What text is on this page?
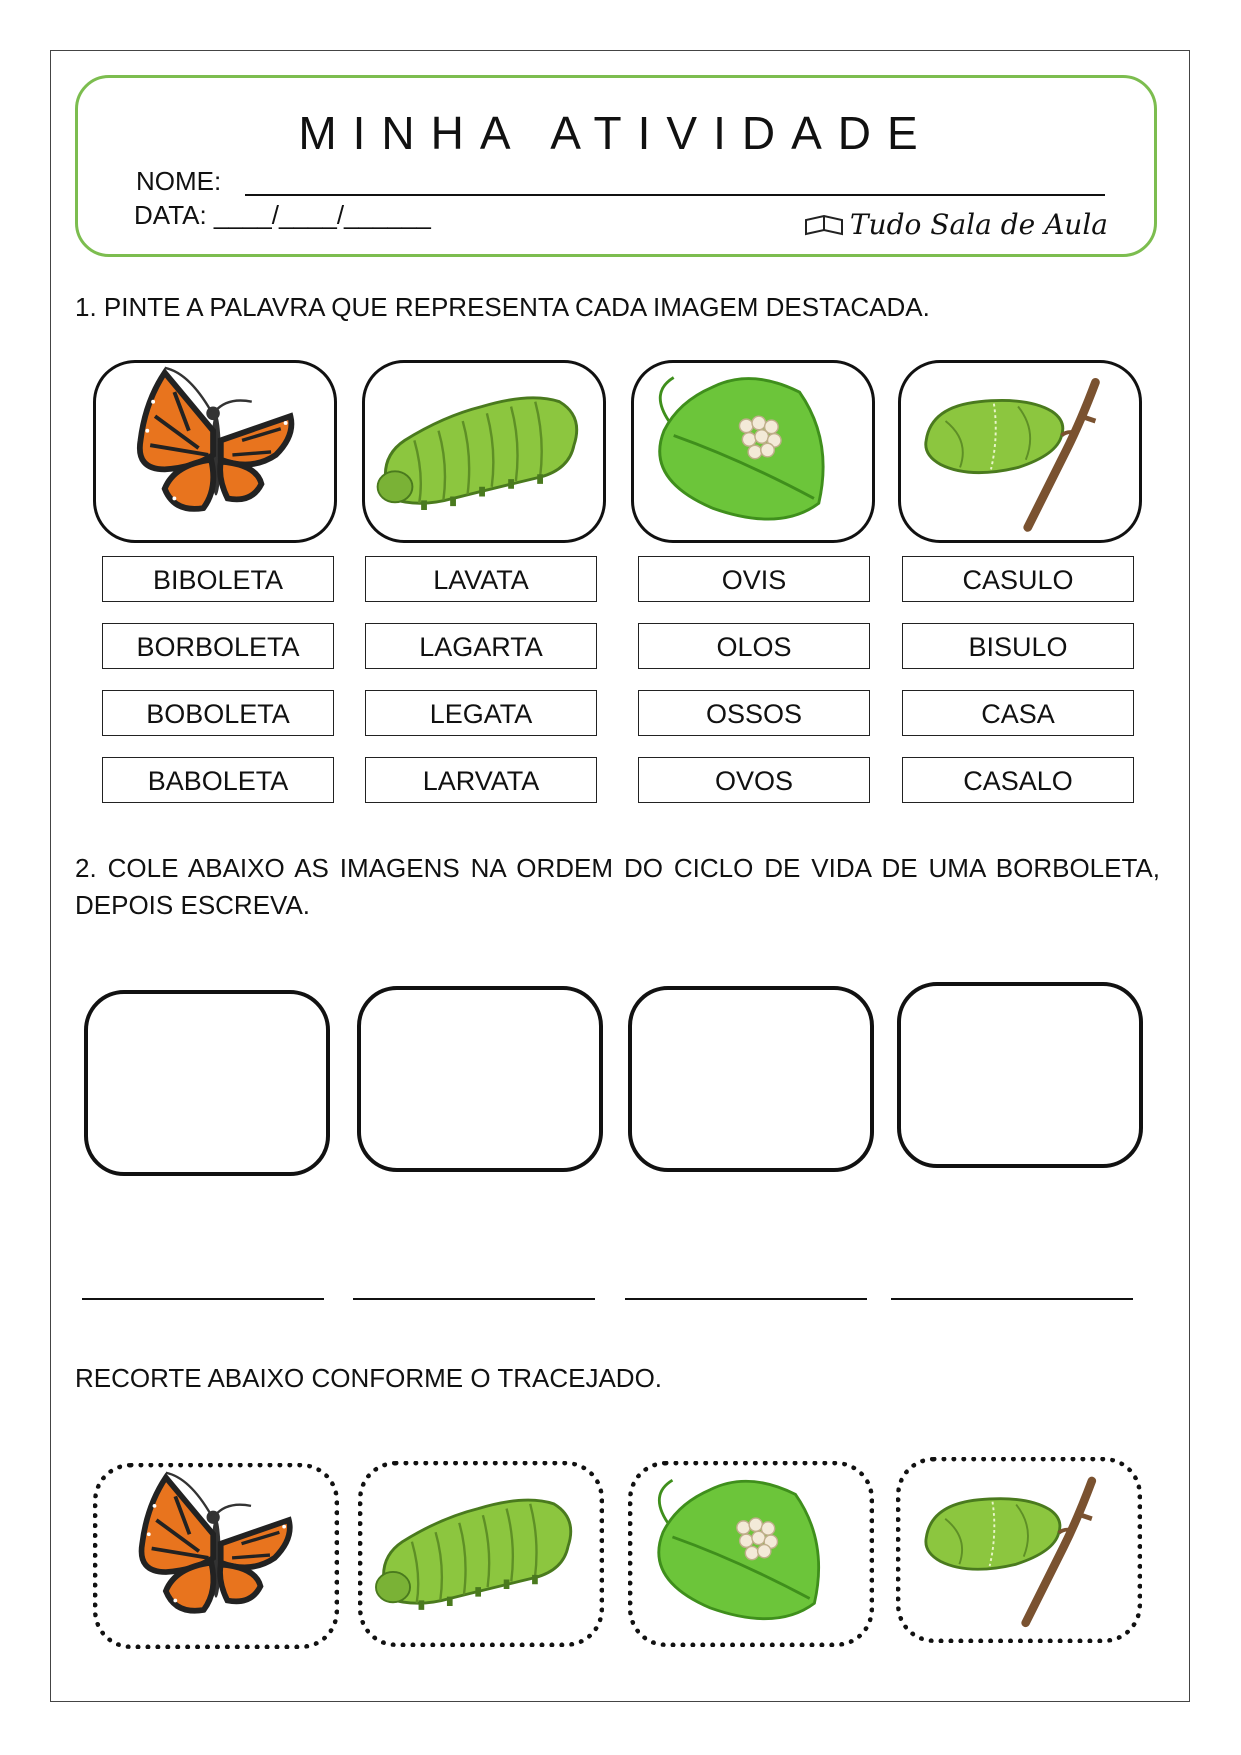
MINHA ATIVIDADE
NOME:
DATA: ____/____/______	Tudo Sala de Aula
1. PINTE A PALAVRA QUE REPRESENTA CADA IMAGEM DESTACADA.
BIBOLETA
BORBOLETA
BOBOLETA
BABOLETA
LAVATA
LAGARTA
LEGATA
LARVATA
OVIS
OLOS
OSSOS
OVOS
CASULO
BISULO
CASA
CASALO
2. COLE ABAIXO AS IMAGENS NA ORDEM DO CICLO DE VIDA DE UMA BORBOLETA, DEPOIS ESCREVA.
RECORTE ABAIXO CONFORME O TRACEJADO.
